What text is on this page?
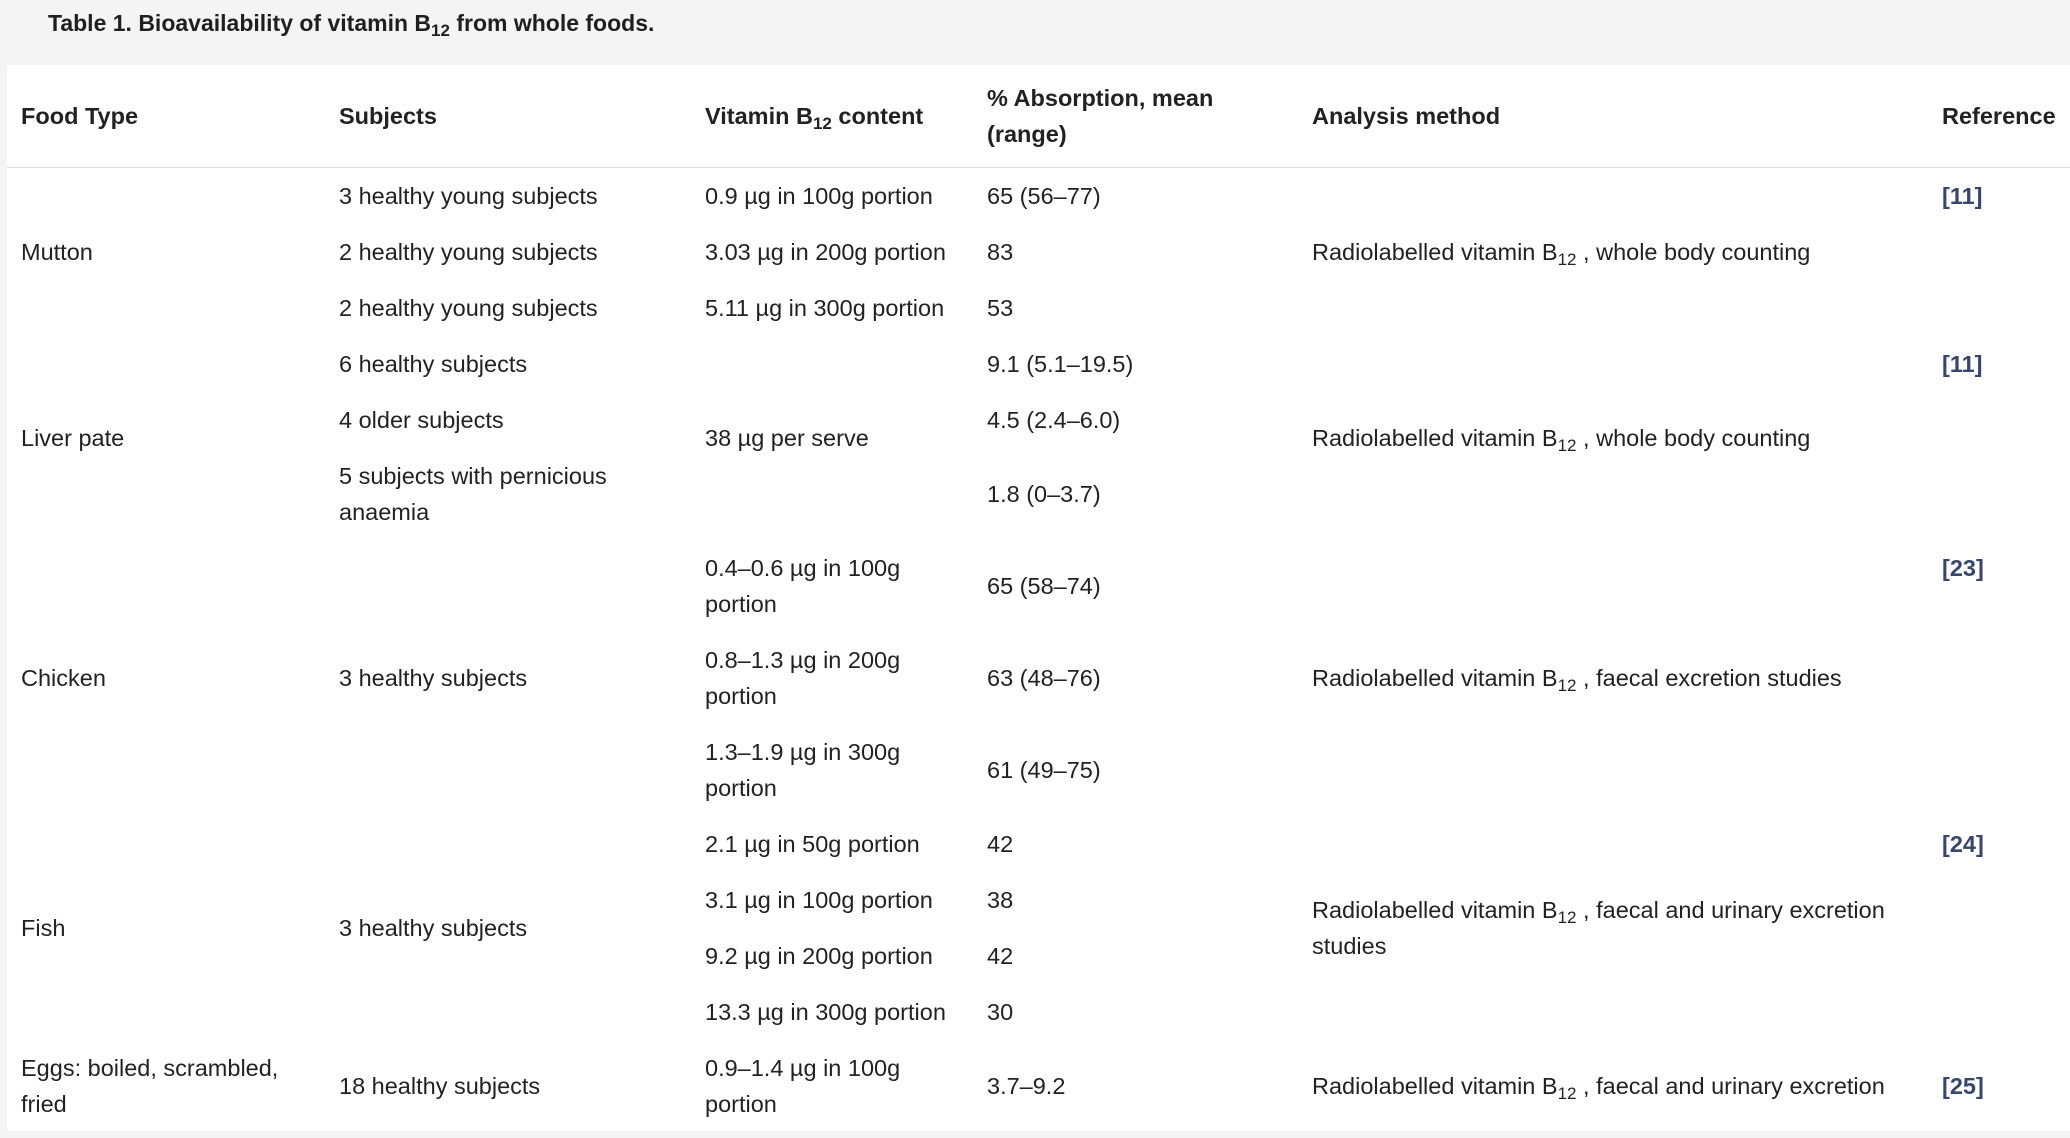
Table 1. Bioavailability of vitamin $B_{12}$ from whole foods.
Food Type	Subjects	Vitamin $B_{12}$ content	% Absorption, mean (range)	Analysis method	Reference
Mutton	3 healthy young subjects	0.9 µg in 100g portion	65 (56–77)	Radiolabelled vitamin $B_{12}$ , whole body counting	[11]
	2 healthy young subjects	3.03 µg in 200g portion	83		
	2 healthy young subjects	5.11 µg in 300g portion	53		
Liver pate	6 healthy subjects	38 µg per serve	9.1 (5.1–19.5)	Radiolabelled vitamin $B_{12}$ , whole body counting	[11]
	4 older subjects		4.5 (2.4–6.0)		
	5 subjects with pernicious anaemia		1.8 (0–3.7)		
Chicken	3 healthy subjects	0.4–0.6 µg in 100g portion	65 (58–74)	Radiolabelled vitamin $B_{12}$ , faecal excretion studies	[23]
		0.8–1.3 µg in 200g portion	63 (48–76)		
		1.3–1.9 µg in 300g portion	61 (49–75)		
Fish	3 healthy subjects	2.1 µg in 50g portion	42	Radiolabelled vitamin $B_{12}$ , faecal and urinary excretion studies	[24]
		3.1 µg in 100g portion	38		
		9.2 µg in 200g portion	42		
		13.3 µg in 300g portion	30		
Eggs: boiled, scrambled, fried	18 healthy subjects	0.9–1.4 µg in 100g portion	3.7–9.2	Radiolabelled vitamin $B_{12}$ , faecal and urinary excretion	[25]
